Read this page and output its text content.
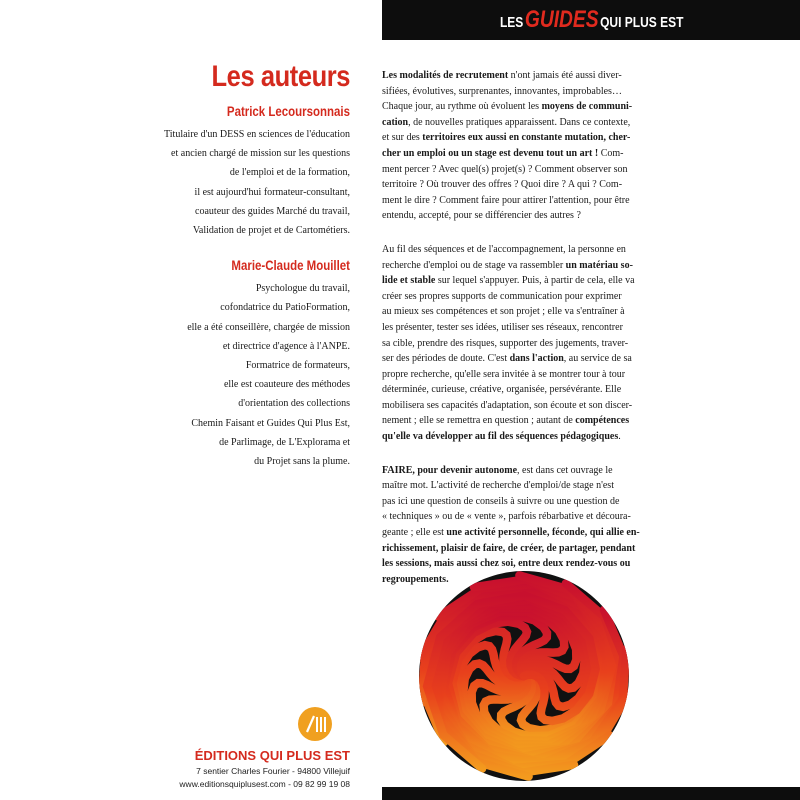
LES GUIDES QUI PLUS EST
Les auteurs
Patrick Lecoursonnais
Titulaire d'un DESS en sciences de l'éducation
et ancien chargé de mission sur les questions
de l'emploi et de la formation,
il est aujourd'hui formateur-consultant,
coauteur des guides Marché du travail,
Validation de projet et de Cartométiers.
Marie-Claude Mouillet
Psychologue du travail,
cofondatrice du PatioFormation,
elle a été conseillère, chargée de mission
et directrice d'agence à l'ANPE.
Formatrice de formateurs,
elle est coauteure des méthodes
d'orientation des collections
Chemin Faisant et Guides Qui Plus Est,
de Parlimage, de L'Explorama et
du Projet sans la plume.
Les modalités de recrutement n'ont jamais été aussi diver-
sifiées, évolutives, surprenantes, innovantes, improbables…
Chaque jour, au rythme où évoluent les moyens de communi-
cation, de nouvelles pratiques apparaissent. Dans ce contexte,
et sur des territoires eux aussi en constante mutation, cher-
cher un emploi ou un stage est devenu tout un art ! Com-
ment percer ? Avec quel(s) projet(s) ? Comment observer son
territoire ? Où trouver des offres ? Quoi dire ? A qui ? Com-
ment le dire ? Comment faire pour attirer l'attention, pour être
entendu, accepté, pour se différencier des autres ?
Au fil des séquences et de l'accompagnement, la personne en
recherche d'emploi ou de stage va rassembler un matériau so-
lide et stable sur lequel s'appuyer. Puis, à partir de cela, elle va
créer ses propres supports de communication pour exprimer
au mieux ses compétences et son projet ; elle va s'entraîner à
les présenter, tester ses idées, utiliser ses réseaux, rencontrer
sa cible, prendre des risques, supporter des jugements, traver-
ser des périodes de doute. C'est dans l'action, au service de sa
propre recherche, qu'elle sera invitée à se montrer tour à tour
déterminée, curieuse, créative, organisée, persévérante. Elle
mobilisera ses capacités d'adaptation, son écoute et son discer-
nement ; elle se remettra en question ; autant de compétences
qu'elle va développer au fil des séquences pédagogiques.
FAIRE, pour devenir autonome, est dans cet ouvrage le
maître mot. L'activité de recherche d'emploi/de stage n'est
pas ici une question de conseils à suivre ou une question de
« techniques » ou de « vente », parfois rébarbative et découra-
geante ; elle est une activité personnelle, féconde, qui allie en-
richissement, plaisir de faire, de créer, de partager, pendant
les sessions, mais aussi chez soi, entre deux rendez-vous ou
regroupements.
ÉDITIONS QUI PLUS EST
7 sentier Charles Fourier - 94800 Villejuif
www.editionsquiplusest.com - 09 82 99 19 08
